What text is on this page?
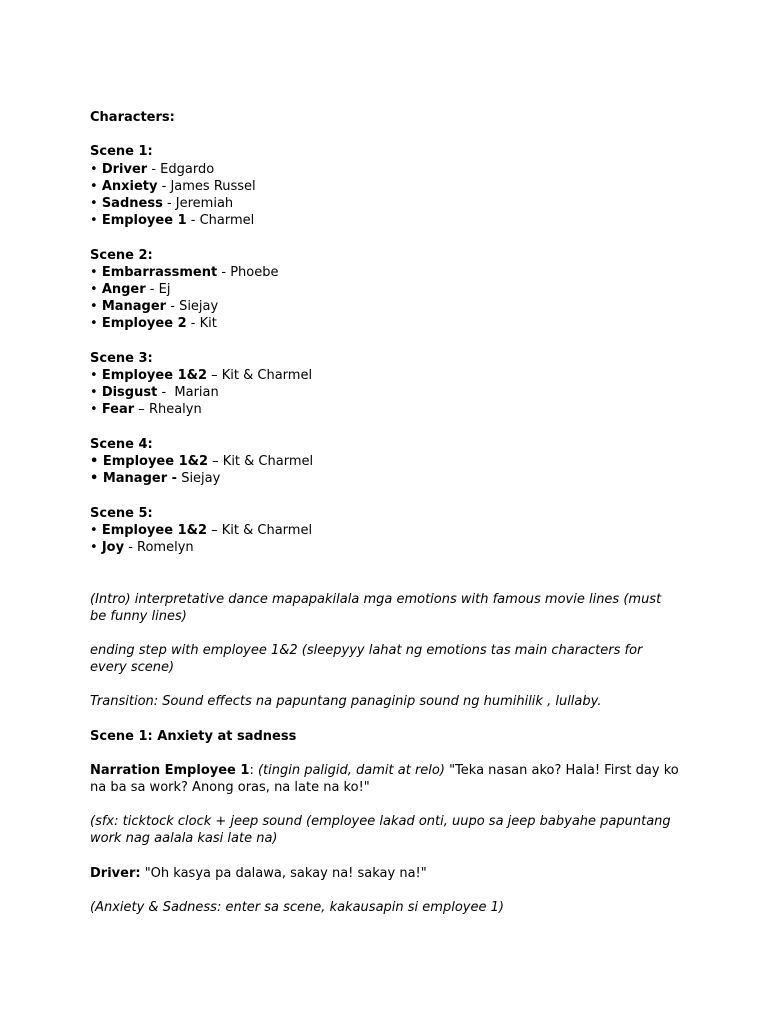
Characters:
Scene 1:
• Driver - Edgardo
• Anxiety - James Russel
• Sadness - Jeremiah
• Employee 1 - Charmel
Scene 2:
• Embarrassment - Phoebe
• Anger - Ej
• Manager - Siejay
• Employee 2 - Kit
Scene 3:
• Employee 1&2 – Kit & Charmel
• Disgust -  Marian
• Fear – Rhealyn
Scene 4:
• Employee 1&2 – Kit & Charmel
• Manager - Siejay
Scene 5:
• Employee 1&2 – Kit & Charmel
• Joy - Romelyn

(Intro) interpretative dance mapapakilala mga emotions with famous movie lines (must be funny lines)

ending step with employee 1&2 (sleepyyy lahat ng emotions tas main characters for every scene)

Transition: Sound effects na papuntang panaginip sound ng humihilik , lullaby.

Scene 1: Anxiety at sadness

Narration Employee 1: (tingin paligid, damit at relo) "Teka nasan ako? Hala! First day ko na ba sa work? Anong oras, na late na ko!"

(sfx: ticktock clock + jeep sound (employee lakad onti, uupo sa jeep babyahe papuntang work nag aalala kasi late na)

Driver: "Oh kasya pa dalawa, sakay na! sakay na!"

(Anxiety & Sadness: enter sa scene, kakausapin si employee 1)
